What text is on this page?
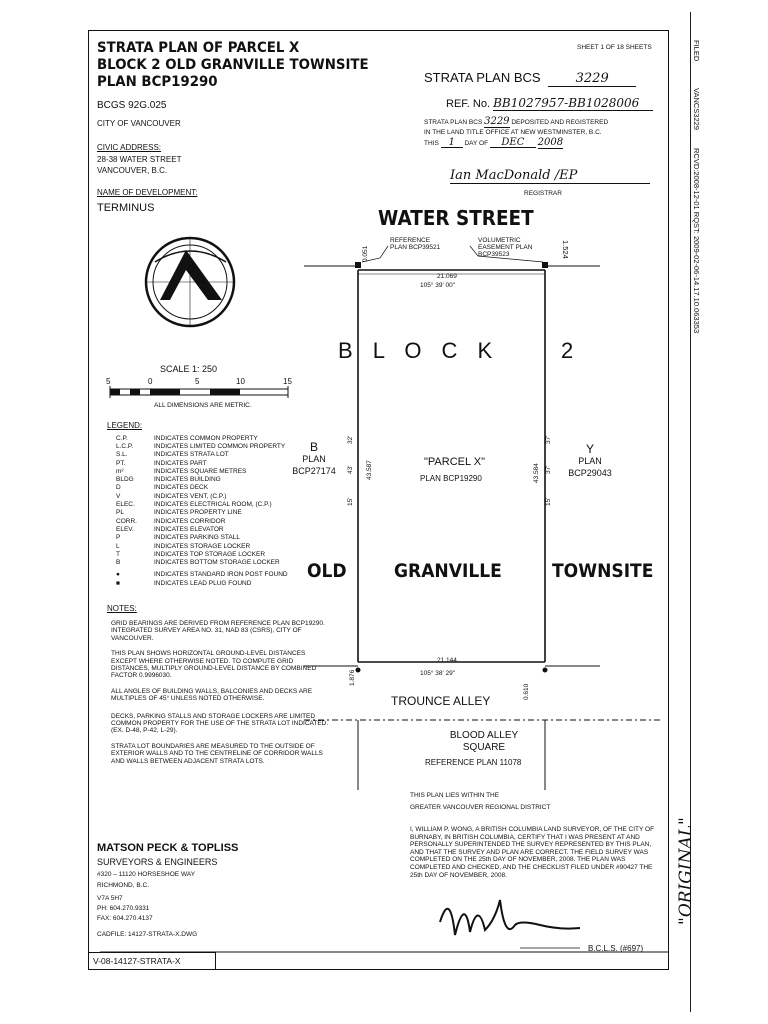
FILED
VANCS3229
RCVD:2008-12-01 RQST: 2009-02-06-14.17.10.063353
"ORIGINAL"
STRATA PLAN OF PARCEL X
BLOCK 2 OLD GRANVILLE TOWNSITE
PLAN BCP19290
SHEET 1 OF 18 SHEETS
STRATA PLAN BCS	3229
REF. No. BB1027957-BB1028006
STRATA PLAN BCS 3229 DEPOSITED AND REGISTERED
IN THE LAND TITLE OFFICE AT NEW WESTMINSTER, B.C.
THIS 1 DAY OF DEC 2008
Ian MacDonald /EP
REGISTRAR
BCGS 92G.025
CITY OF VANCOUVER
CIVIC ADDRESS:
28-38 WATER STREET
VANCOUVER, B.C.
NAME OF DEVELOPMENT:
TERMINUS
SCALE 1: 250
5	0	5	10	15
ALL DIMENSIONS ARE METRIC.
LEGEND:
C.P.	INDICATES COMMON PROPERTY
L.C.P.	INDICATES LIMITED COMMON PROPERTY
S.L.	INDICATES STRATA LOT
PT.	INDICATES PART
m²	INDICATES SQUARE METRES
BLDG	INDICATES BUILDING
D	INDICATES DECK
V	INDICATES VENT, (C.P.)
ELEC.	INDICATES ELECTRICAL ROOM, (C.P.)
PL	INDICATES PROPERTY LINE
CORR.	INDICATES CORRIDOR
ELEV.	INDICATES ELEVATOR
P	INDICATES PARKING STALL
L	INDICATES STORAGE LOCKER
T	INDICATES TOP STORAGE LOCKER
B	INDICATES BOTTOM STORAGE LOCKER
●	INDICATES STANDARD IRON POST FOUND
■	INDICATES LEAD PLUG FOUND
NOTES:

GRID BEARINGS ARE DERIVED FROM REFERENCE PLAN BCP19290. INTEGRATED SURVEY AREA NO. 31, NAD 83 (CSRS), CITY OF VANCOUVER.

THIS PLAN SHOWS HORIZONTAL GROUND-LEVEL DISTANCES EXCEPT WHERE OTHERWISE NOTED. TO COMPUTE GRID DISTANCES, MULTIPLY GROUND-LEVEL DISTANCE BY COMBINED FACTOR 0.9996030.

ALL ANGLES OF BUILDING WALLS, BALCONIES AND DECKS ARE MULTIPLES OF 45° UNLESS NOTED OTHERWISE.

DECKS, PARKING STALLS AND STORAGE LOCKERS ARE LIMITED COMMON PROPERTY FOR THE USE OF THE STRATA LOT INDICATED. (EX. D-48, P-42, L-29).

STRATA LOT BOUNDARIES ARE MEASURED TO THE OUTSIDE OF EXTERIOR WALLS AND TO THE CENTRELINE OF CORRIDOR WALLS AND WALLS BETWEEN ADJACENT STRATA LOTS.

WATER STREET
REFERENCE PLAN BCP39521
VOLUMETRIC EASEMENT PLAN BCP39523
0.051	1.524
21.069
105° 39' 00"
B L O C K	2
32'
43.587
43'
15'
37'
43.584 37'
15'
B
PLAN
BCP27174
Y
PLAN
BCP29043
"PARCEL X"
PLAN BCP19290
OLD GRANVILLE	TOWNSITE
21.144
105° 38' 29"
1.876
0.610
TROUNCE ALLEY
BLOOD ALLEY
SQUARE
REFERENCE PLAN 11078
THIS PLAN LIES WITHIN THE
GREATER VANCOUVER REGIONAL DISTRICT
I, WILLIAM P. WONG, A BRITISH COLUMBIA LAND SURVEYOR, OF THE CITY OF BURNABY, IN BRITISH COLUMBIA, CERTIFY THAT I WAS PRESENT AT AND PERSONALLY SUPERINTENDED THE SURVEY REPRESENTED BY THIS PLAN, AND THAT THE SURVEY AND PLAN ARE CORRECT. THE FIELD SURVEY WAS COMPLETED ON THE 25th DAY OF NOVEMBER, 2008. THE PLAN WAS COMPLETED AND CHECKED, AND THE CHECKLIST FILED UNDER #90427 THE 25th DAY OF NOVEMBER, 2008.
MATSON PECK & TOPLISS
SURVEYORS & ENGINEERS
#320 – 11120 HORSESHOE WAY
RICHMOND, B.C.
V7A 5H7
PH: 604.270.9331
FAX: 604.270.4137
CADFILE: 14127-STRATA-X.DWG
B.C.L.S. (#697)
V-08-14127-STRATA-X
